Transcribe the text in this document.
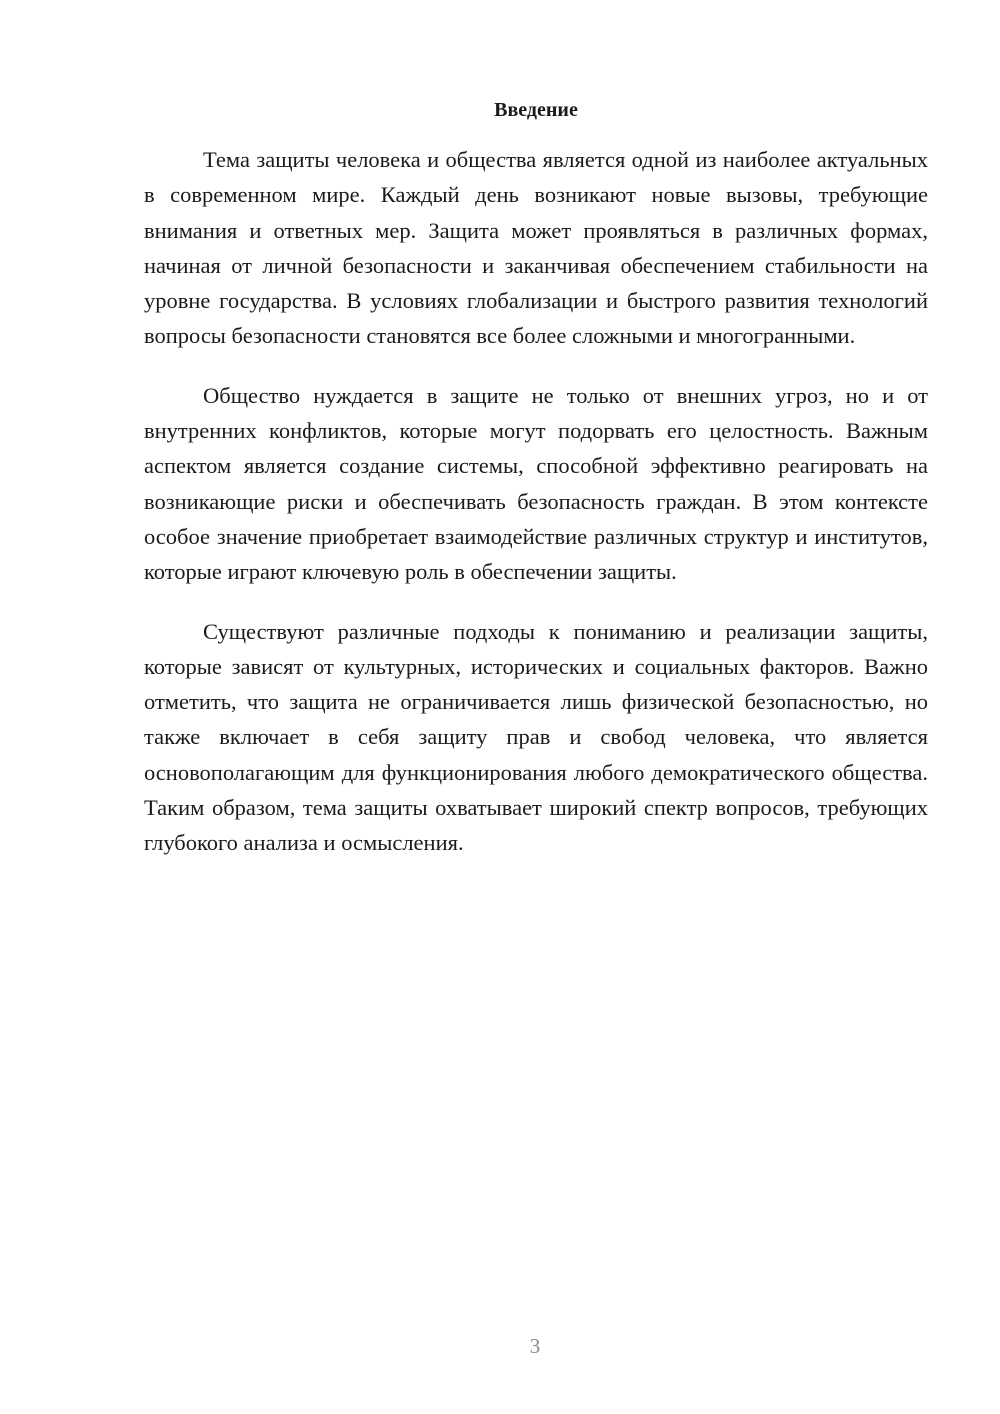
Введение

Тема защиты человека и общества является одной из наиболее актуальных в современном мире. Каждый день возникают новые вызовы, требующие внимания и ответных мер. Защита может проявляться в различных формах, начиная от личной безопасности и заканчивая обеспечением стабильности на уровне государства. В условиях глобализации и быстрого развития технологий вопросы безопасности становятся все более сложными и многогранными.

Общество нуждается в защите не только от внешних угроз, но и от внутренних конфликтов, которые могут подорвать его целостность. Важным аспектом является создание системы, способной эффективно реагировать на возникающие риски и обеспечивать безопасность граждан. В этом контексте особое значение приобретает взаимодействие различных структур и институтов, которые играют ключевую роль в обеспечении защиты.

Существуют различные подходы к пониманию и реализации защиты, которые зависят от культурных, исторических и социальных факторов. Важно отметить, что защита не ограничивается лишь физической безопасностью, но также включает в себя защиту прав и свобод человека, что является основополагающим для функционирования любого демократического общества. Таким образом, тема защиты охватывает широкий спектр вопросов, требующих глубокого анализа и осмысления.

3
